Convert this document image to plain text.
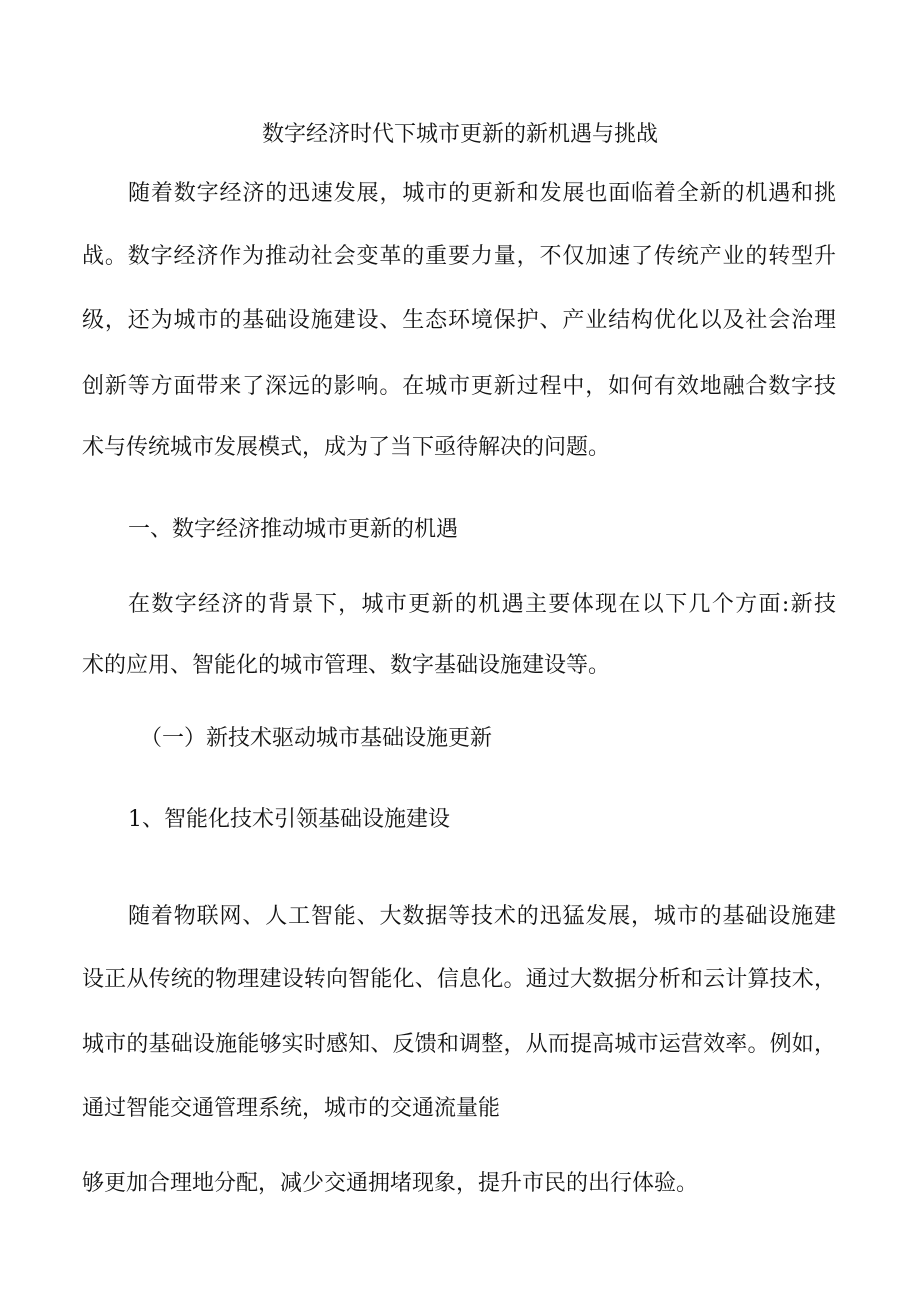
数字经济时代下城市更新的新机遇与挑战

随着数字经济的迅速发展，城市的更新和发展也面临着全新的机遇和挑

战。数字经济作为推动社会变革的重要力量，不仅加速了传统产业的转型升

级，还为城市的基础设施建设、生态环境保护、产业结构优化以及社会治理

创新等方面带来了深远的影响。在城市更新过程中，如何有效地融合数字技

术与传统城市发展模式，成为了当下亟待解决的问题。

一、数字经济推动城市更新的机遇

在数字经济的背景下，城市更新的机遇主要体现在以下几个方面:新技

术的应用、智能化的城市管理、数字基础设施建设等。

（一）新技术驱动城市基础设施更新

1、智能化技术引领基础设施建设

随着物联网、人工智能、大数据等技术的迅猛发展，城市的基础设施建

设正从传统的物理建设转向智能化、信息化。通过大数据分析和云计算技术，

城市的基础设施能够实时感知、反馈和调整，从而提高城市运营效率。例如，

通过智能交通管理系统，城市的交通流量能

够更加合理地分配，减少交通拥堵现象，提升市民的出行体验。
